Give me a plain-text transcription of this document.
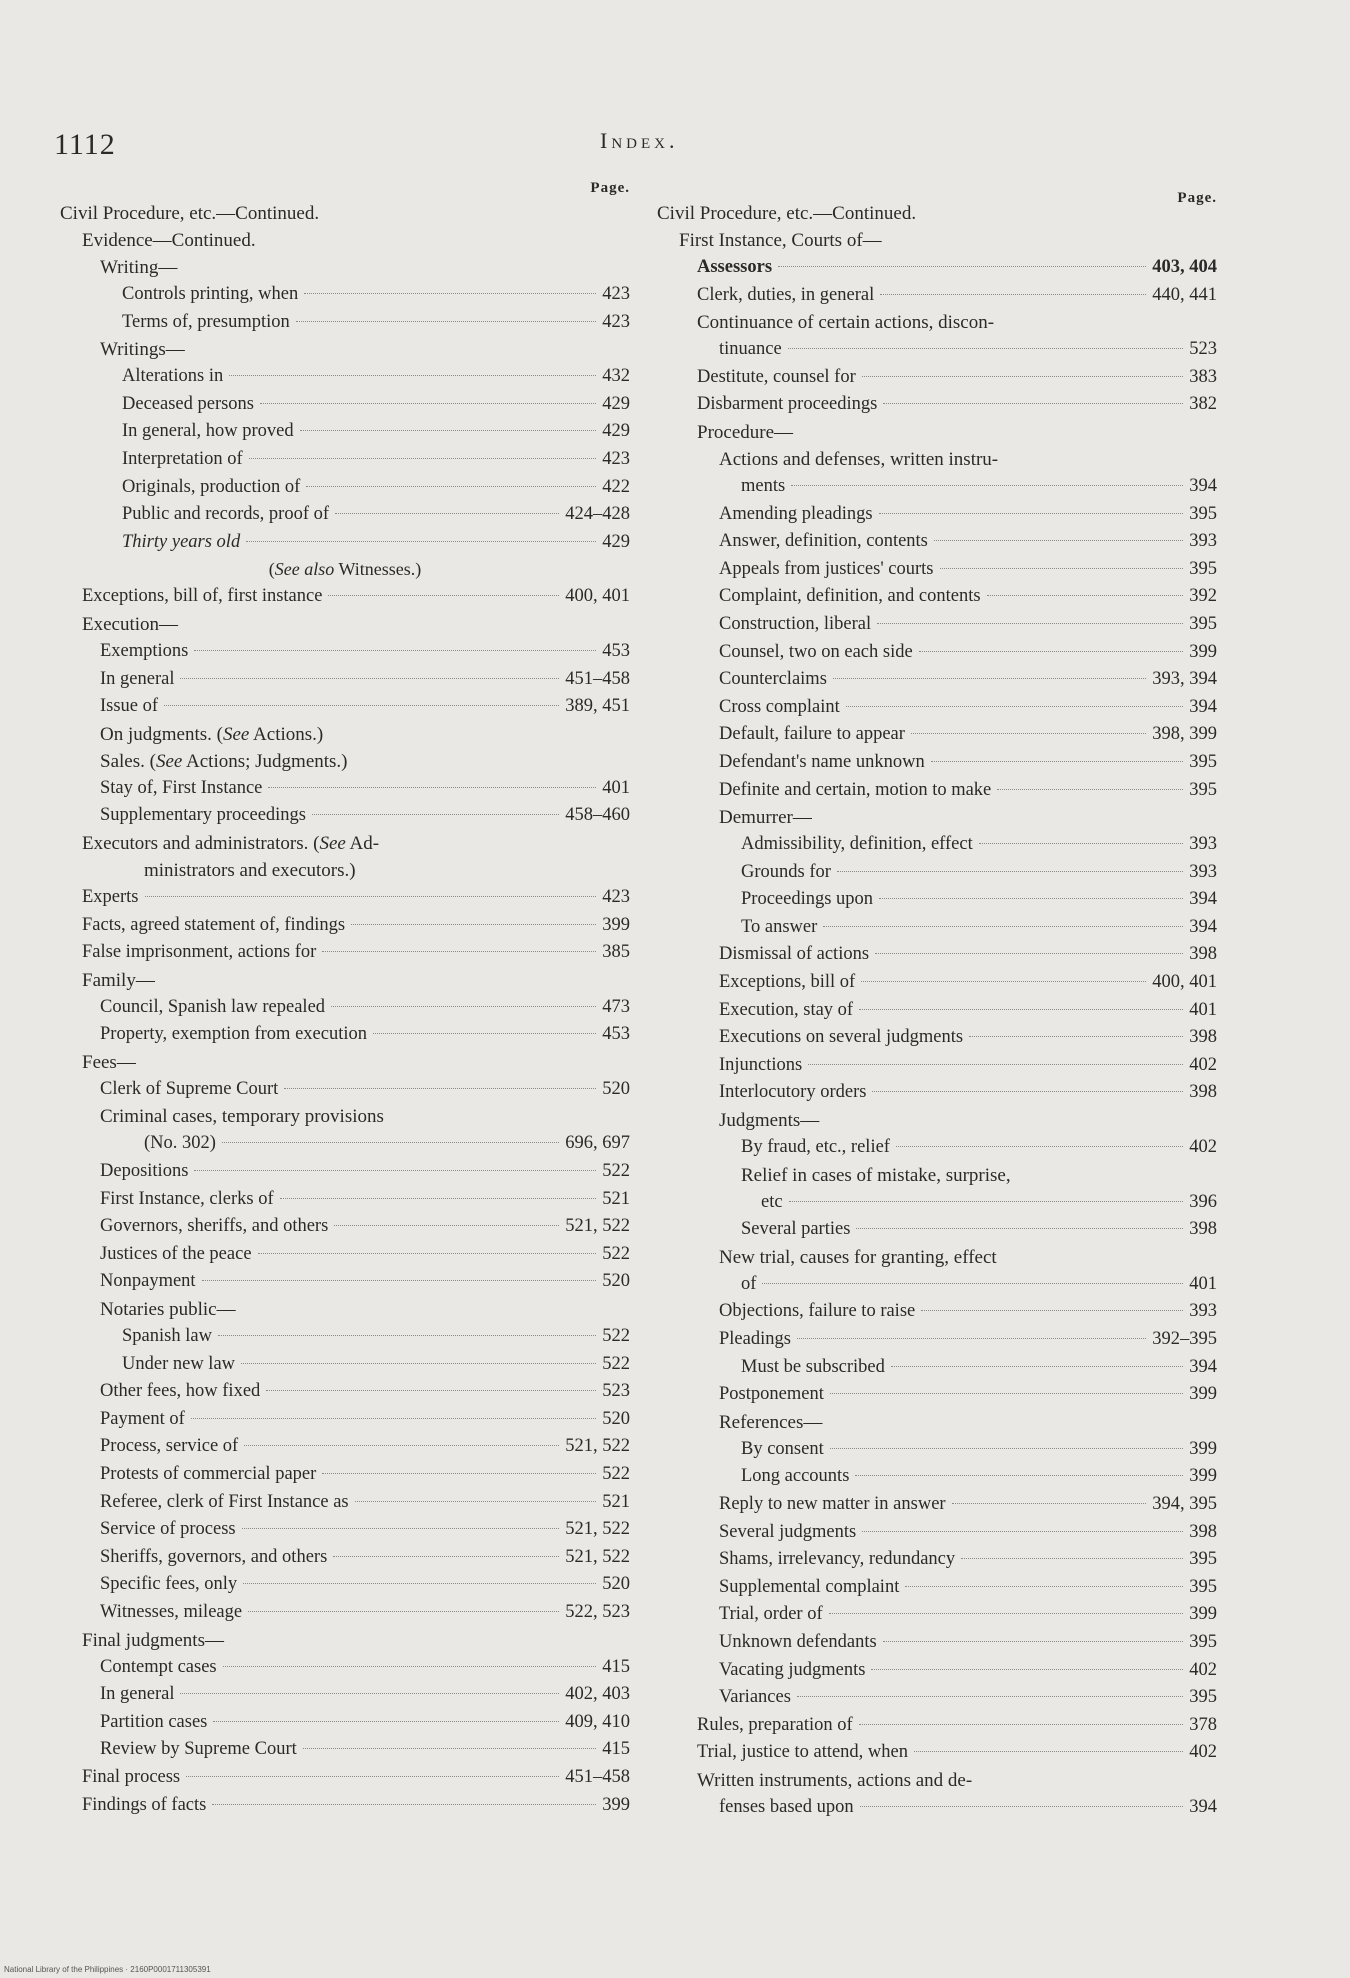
1112	Index.
Page.
Civil Procedure, etc.—Continued.
Evidence—Continued.
Writing—
Controls printing, when	423
Terms of, presumption	423
Writings—
Alterations in	432
Deceased persons	429
In general, how proved	429
Interpretation of	423
Originals, production of	422
Public and records, proof of	424–428
Thirty years old	429
(See also Witnesses.)
Exceptions, bill of, first instance	400, 401
Execution—
Exemptions	453
In general	451–458
Issue of	389, 451
On judgments. (See Actions.)
Sales. (See Actions; Judgments.)
Stay of, First Instance	401
Supplementary proceedings	458–460
Executors and administrators. (See Ad-
ministrators and executors.)
Experts	423
Facts, agreed statement of, findings	399
False imprisonment, actions for	385
Family—
Council, Spanish law repealed	473
Property, exemption from execution	453
Fees—
Clerk of Supreme Court	520
Criminal cases, temporary provisions
(No. 302)	696, 697
Depositions	522
First Instance, clerks of	521
Governors, sheriffs, and others	521, 522
Justices of the peace	522
Nonpayment	520
Notaries public—
Spanish law	522
Under new law	522
Other fees, how fixed	523
Payment of	520
Process, service of	521, 522
Protests of commercial paper	522
Referee, clerk of First Instance as	521
Service of process	521, 522
Sheriffs, governors, and others	521, 522
Specific fees, only	520
Witnesses, mileage	522, 523
Final judgments—
Contempt cases	415
In general	402, 403
Partition cases	409, 410
Review by Supreme Court	415
Final process	451–458
Findings of facts	399
Page.
Civil Procedure, etc.—Continued.
First Instance, Courts of—
Assessors	403, 404
Clerk, duties, in general	440, 441
Continuance of certain actions, discon-
tinuance	523
Destitute, counsel for	383
Disbarment proceedings	382
Procedure—
Actions and defenses, written instru-
ments	394
Amending pleadings	395
Answer, definition, contents	393
Appeals from justices' courts	395
Complaint, definition, and contents	392
Construction, liberal	395
Counsel, two on each side	399
Counterclaims	393, 394
Cross complaint	394
Default, failure to appear	398, 399
Defendant's name unknown	395
Definite and certain, motion to make	395
Demurrer—
Admissibility, definition, effect	393
Grounds for	393
Proceedings upon	394
To answer	394
Dismissal of actions	398
Exceptions, bill of	400, 401
Execution, stay of	401
Executions on several judgments	398
Injunctions	402
Interlocutory orders	398
Judgments—
By fraud, etc., relief	402
Relief in cases of mistake, surprise,
etc	396
Several parties	398
New trial, causes for granting, effect
of	401
Objections, failure to raise	393
Pleadings	392–395
Must be subscribed	394
Postponement	399
References—
By consent	399
Long accounts	399
Reply to new matter in answer	394, 395
Several judgments	398
Shams, irrelevancy, redundancy	395
Supplemental complaint	395
Trial, order of	399
Unknown defendants	395
Vacating judgments	402
Variances	395
Rules, preparation of	378
Trial, justice to attend, when	402
Written instruments, actions and de-
fenses based upon	394
National Library of the Philippines · 2160P0001711305391
